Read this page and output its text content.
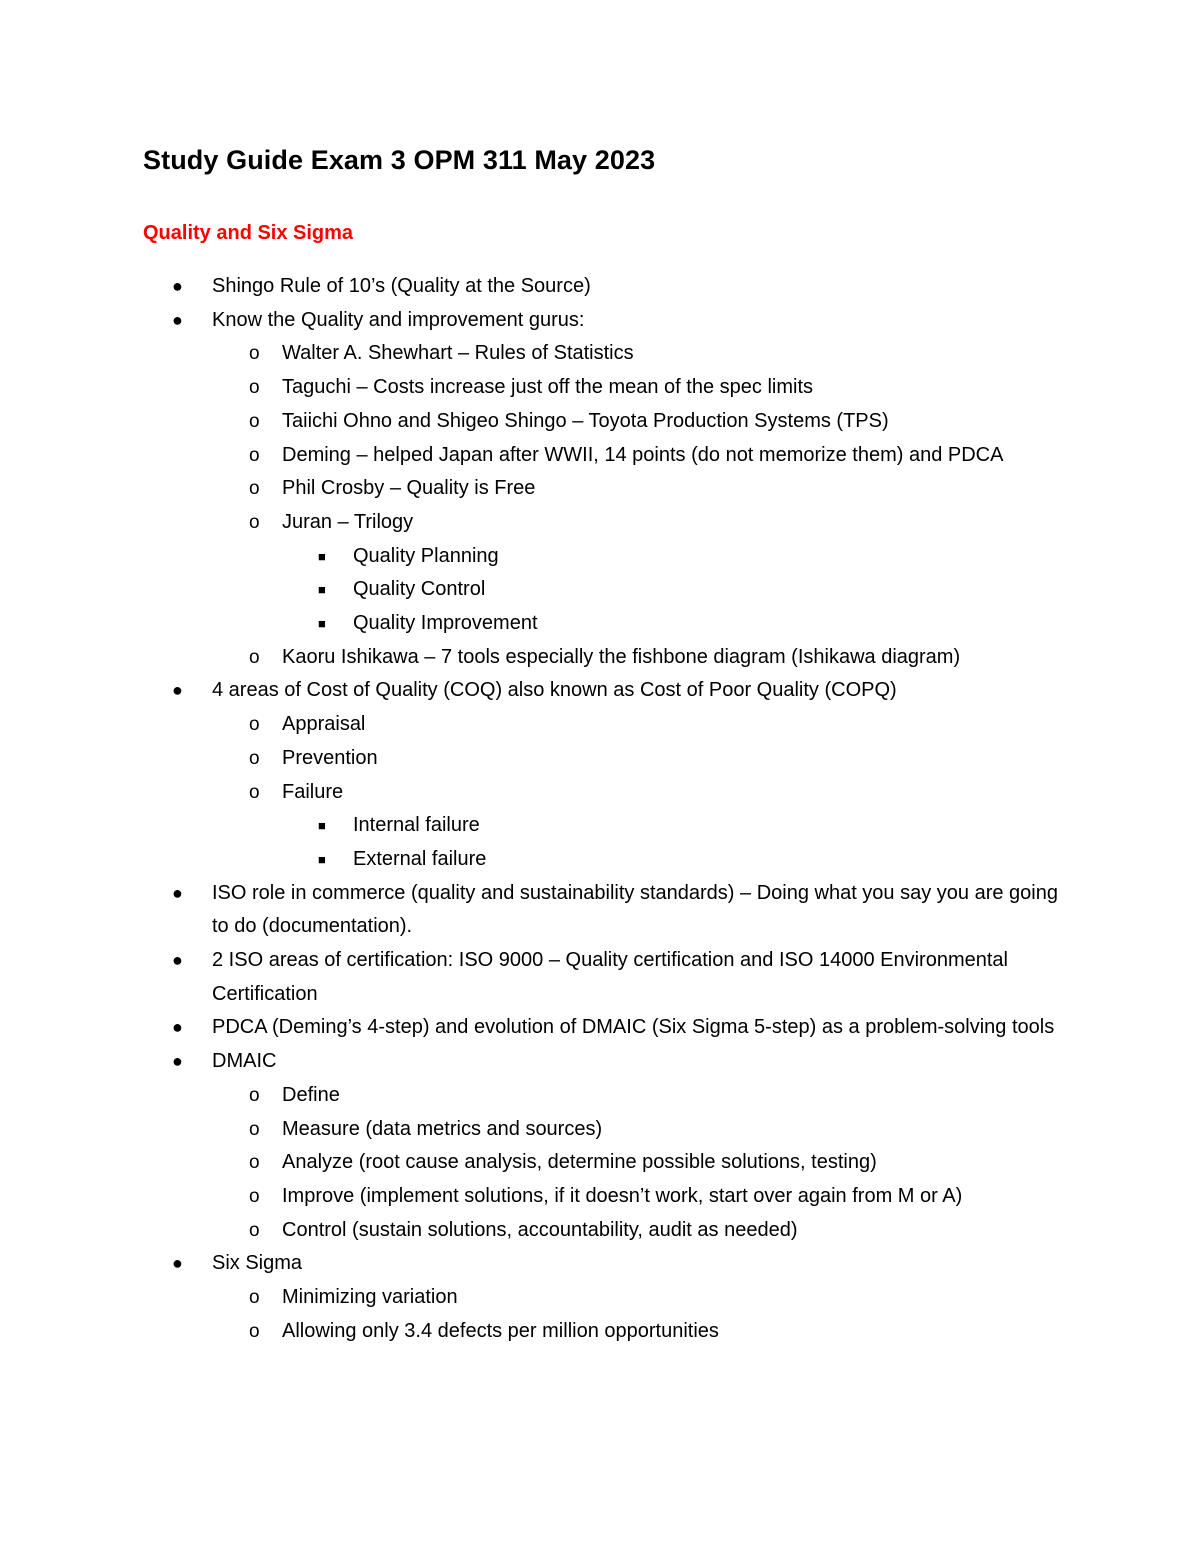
Study Guide Exam 3 OPM 311 May 2023
Quality and Six Sigma
● Shingo Rule of 10’s (Quality at the Source)
● Know the Quality and improvement gurus:
o Walter A. Shewhart – Rules of Statistics
o Taguchi – Costs increase just off the mean of the spec limits
o Taiichi Ohno and Shigeo Shingo – Toyota Production Systems (TPS)
o Deming – helped Japan after WWII, 14 points (do not memorize them) and PDCA
o Phil Crosby – Quality is Free
o Juran – Trilogy
■ Quality Planning
■ Quality Control
■ Quality Improvement
o Kaoru Ishikawa – 7 tools especially the fishbone diagram (Ishikawa diagram)
● 4 areas of Cost of Quality (COQ) also known as Cost of Poor Quality (COPQ)
o Appraisal
o Prevention
o Failure
■ Internal failure
■ External failure
● ISO role in commerce (quality and sustainability standards) – Doing what you say you are going to do (documentation).
● 2 ISO areas of certification: ISO 9000 – Quality certification and ISO 14000 Environmental Certification
● PDCA (Deming’s 4-step) and evolution of DMAIC (Six Sigma 5-step) as a problem-solving tools
● DMAIC
o Define
o Measure (data metrics and sources)
o Analyze (root cause analysis, determine possible solutions, testing)
o Improve (implement solutions, if it doesn’t work, start over again from M or A)
o Control (sustain solutions, accountability, audit as needed)
● Six Sigma
o Minimizing variation
o Allowing only 3.4 defects per million opportunities
